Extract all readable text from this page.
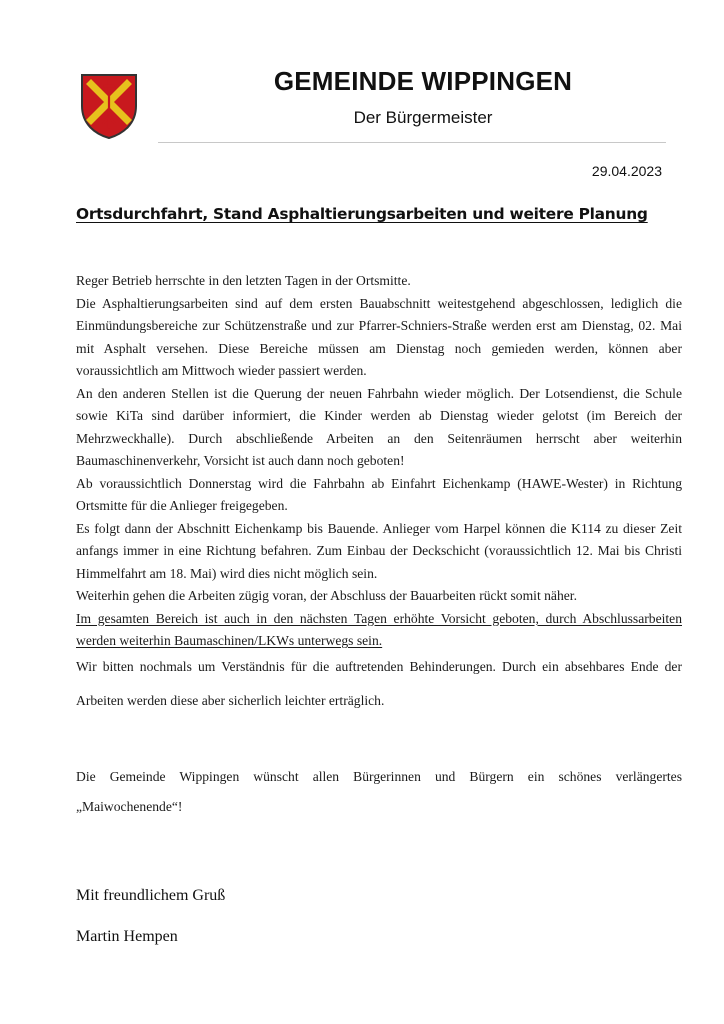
GEMEINDE WIPPINGEN
Der Bürgermeister
29.04.2023
Ortsdurchfahrt, Stand Asphaltierungsarbeiten und weitere Planung

Reger Betrieb herrschte in den letzten Tagen in der Ortsmitte.

Die Asphaltierungsarbeiten sind auf dem ersten Bauabschnitt weitestgehend abgeschlossen, lediglich die Einmündungsbereiche zur Schützenstraße und zur Pfarrer-Schniers-Straße werden erst am Dienstag, 02. Mai mit Asphalt versehen. Diese Bereiche müssen am Dienstag noch gemieden werden, können aber voraussichtlich am Mittwoch wieder passiert werden.

An den anderen Stellen ist die Querung der neuen Fahrbahn wieder möglich. Der Lotsendienst, die Schule sowie KiTa sind darüber informiert, die Kinder werden ab Dienstag wieder gelotst (im Bereich der Mehrzweckhalle). Durch abschließende Arbeiten an den Seitenräumen herrscht aber weiterhin Baumaschinenverkehr, Vorsicht ist auch dann noch geboten!

Ab voraussichtlich Donnerstag wird die Fahrbahn ab Einfahrt Eichenkamp (HAWE-Wester) in Richtung Ortsmitte für die Anlieger freigegeben.

Es folgt dann der Abschnitt Eichenkamp bis Bauende. Anlieger vom Harpel können die K114 zu dieser Zeit anfangs immer in eine Richtung befahren. Zum Einbau der Deckschicht (voraussichtlich 12. Mai bis Christi Himmelfahrt am 18. Mai) wird dies nicht möglich sein.

Weiterhin gehen die Arbeiten zügig voran, der Abschluss der Bauarbeiten rückt somit näher.

Im gesamten Bereich ist auch in den nächsten Tagen erhöhte Vorsicht geboten, durch Abschlussarbeiten werden weiterhin Baumaschinen/LKWs unterwegs sein.

Wir bitten nochmals um Verständnis für die auftretenden Behinderungen. Durch ein absehbares Ende der Arbeiten werden diese aber sicherlich leichter erträglich.

Die Gemeinde Wippingen wünscht allen Bürgerinnen und Bürgern ein schönes verlängertes „Maiwochenende“!

Mit freundlichem Gruß
Martin Hempen
